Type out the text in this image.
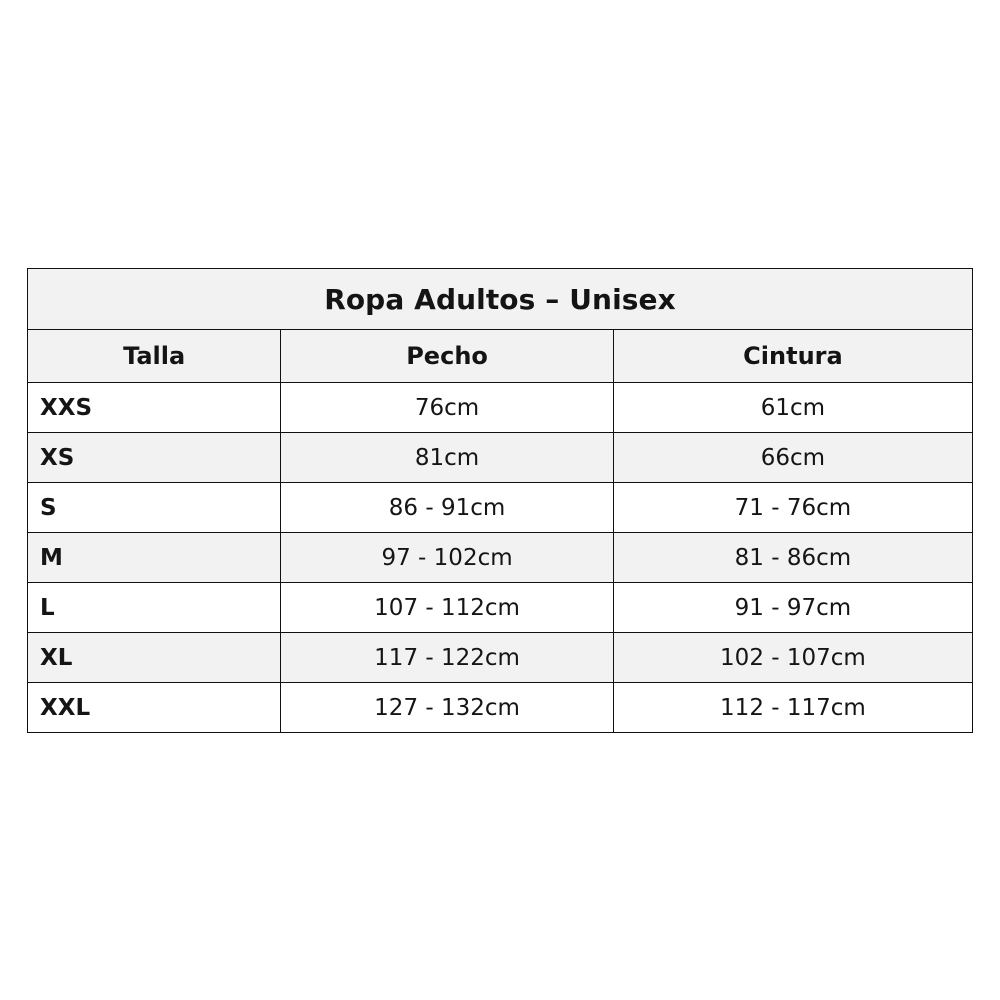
Ropa Adultos – Unisex		
Talla	Pecho	Cintura
XXS	76cm	61cm
XS	81cm	66cm
S	86 - 91cm	71 - 76cm
M	97 - 102cm	81 - 86cm
L	107 - 112cm	91 - 97cm
XL	117 - 122cm	102 - 107cm
XXL	127 - 132cm	112 - 117cm
